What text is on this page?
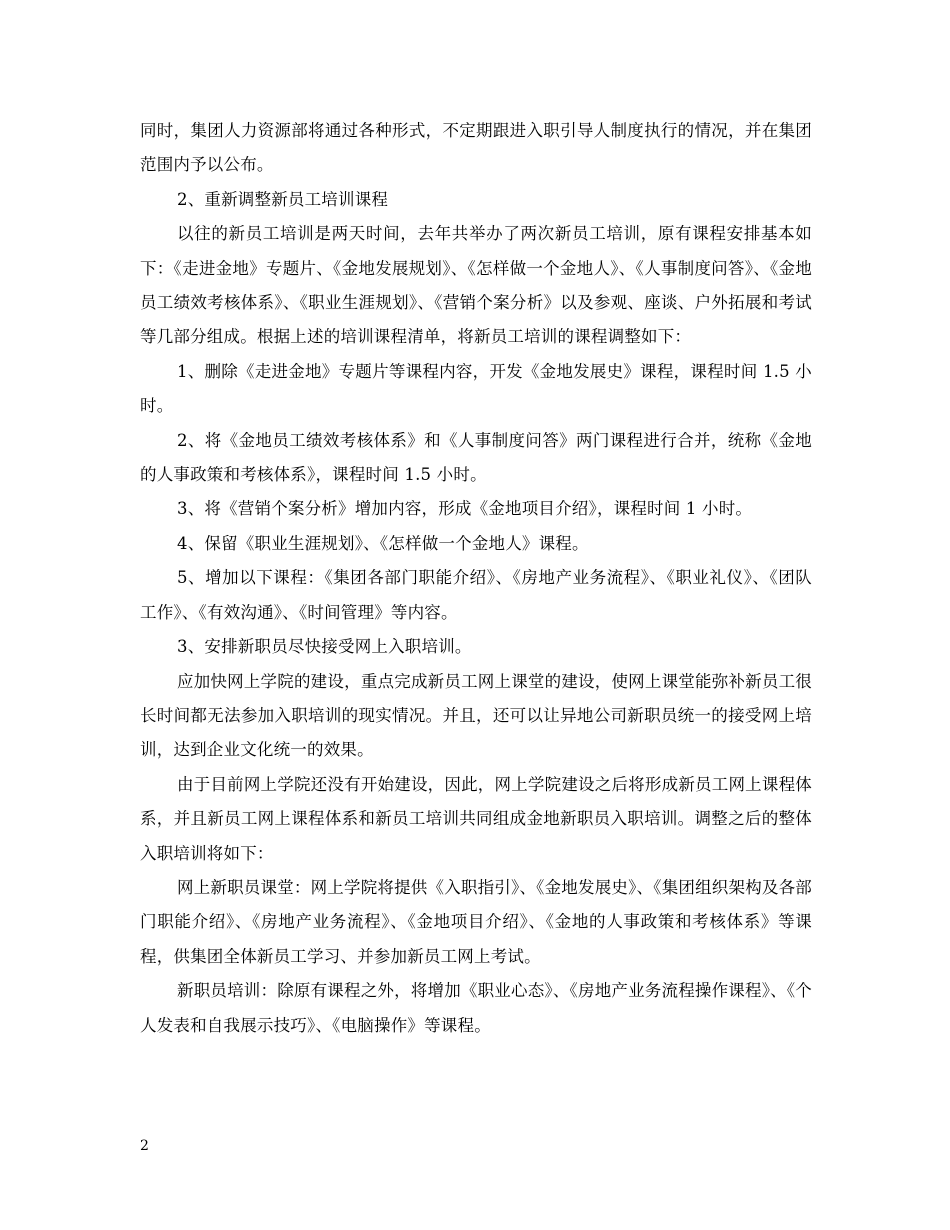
同时，集团人力资源部将通过各种形式，不定期跟进入职引导人制度执行的情况，并在集团范围内予以公布。

2、重新调整新员工培训课程

以往的新员工培训是两天时间，去年共举办了两次新员工培训，原有课程安排基本如下：《走进金地》专题片、《金地发展规划》、《怎样做一个金地人》、《人事制度问答》、《金地员工绩效考核体系》、《职业生涯规划》、《营销个案分析》以及参观、座谈、户外拓展和考试等几部分组成。根据上述的培训课程清单，将新员工培训的课程调整如下：

1、删除《走进金地》专题片等课程内容，开发《金地发展史》课程，课程时间 1.5 小时。

2、将《金地员工绩效考核体系》和《人事制度问答》两门课程进行合并，统称《金地的人事政策和考核体系》，课程时间 1.5 小时。

3、将《营销个案分析》增加内容，形成《金地项目介绍》，课程时间 1 小时。

4、保留《职业生涯规划》、《怎样做一个金地人》课程。

5、增加以下课程：《集团各部门职能介绍》、《房地产业务流程》、《职业礼仪》、《团队工作》、《有效沟通》、《时间管理》等内容。

3、安排新职员尽快接受网上入职培训。

应加快网上学院的建设，重点完成新员工网上课堂的建设，使网上课堂能弥补新员工很长时间都无法参加入职培训的现实情况。并且，还可以让异地公司新职员统一的接受网上培训，达到企业文化统一的效果。

由于目前网上学院还没有开始建设，因此，网上学院建设之后将形成新员工网上课程体系，并且新员工网上课程体系和新员工培训共同组成金地新职员入职培训。调整之后的整体入职培训将如下：

网上新职员课堂：网上学院将提供《入职指引》、《金地发展史》、《集团组织架构及各部门职能介绍》、《房地产业务流程》、《金地项目介绍》、《金地的人事政策和考核体系》等课程，供集团全体新员工学习、并参加新员工网上考试。

新职员培训：除原有课程之外，将增加《职业心态》、《房地产业务流程操作课程》、《个人发表和自我展示技巧》、《电脑操作》等课程。

2
